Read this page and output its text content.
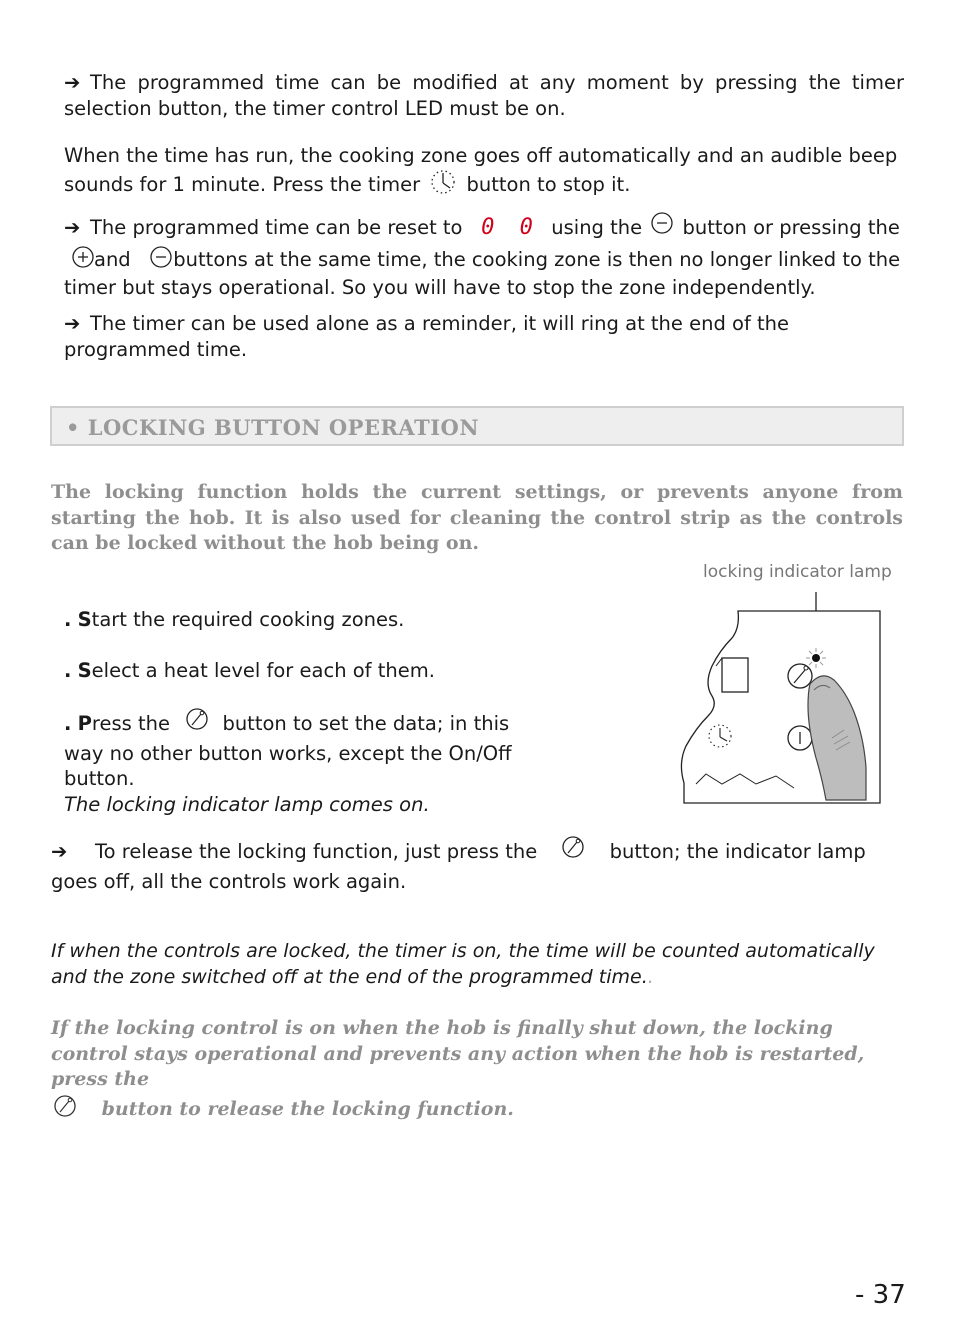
➔ The programmed time can be modified at any moment by pressing the timer selection button, the timer control LED must be on.
When the time has run, the cooking zone goes off automatically and an audible beep sounds for 1 minute. Press the timer button to stop it.
➔ The programmed time can be reset to 0 0 using the button or pressing the
and buttons at the same time, the cooking zone is then no longer linked to the timer but stays operational. So you will have to stop the zone independently.
➔ The timer can be used alone as a reminder, it will ring at the end of the programmed time.
• LOCKING BUTTON OPERATION
The locking function holds the current settings, or prevents anyone from starting the hob. It is also used for cleaning the control strip as the controls can be locked without the hob being on.
locking indicator lamp
. Start the required cooking zones.
. Select a heat level for each of them.
. Press the	button to set the data; in this way no other button works, except the On/Off button.
The locking indicator lamp comes on.
➔ To release the locking function, just press the	button; the indicator lamp goes off, all the controls work again.
If when the controls are locked, the timer is on, the time will be counted automatically and the zone switched off at the end of the programmed time..
If the locking control is on when the hob is finally shut down, the locking control stays operational and prevents any action when the hob is restarted, press the
button to release the locking function.
- 37
